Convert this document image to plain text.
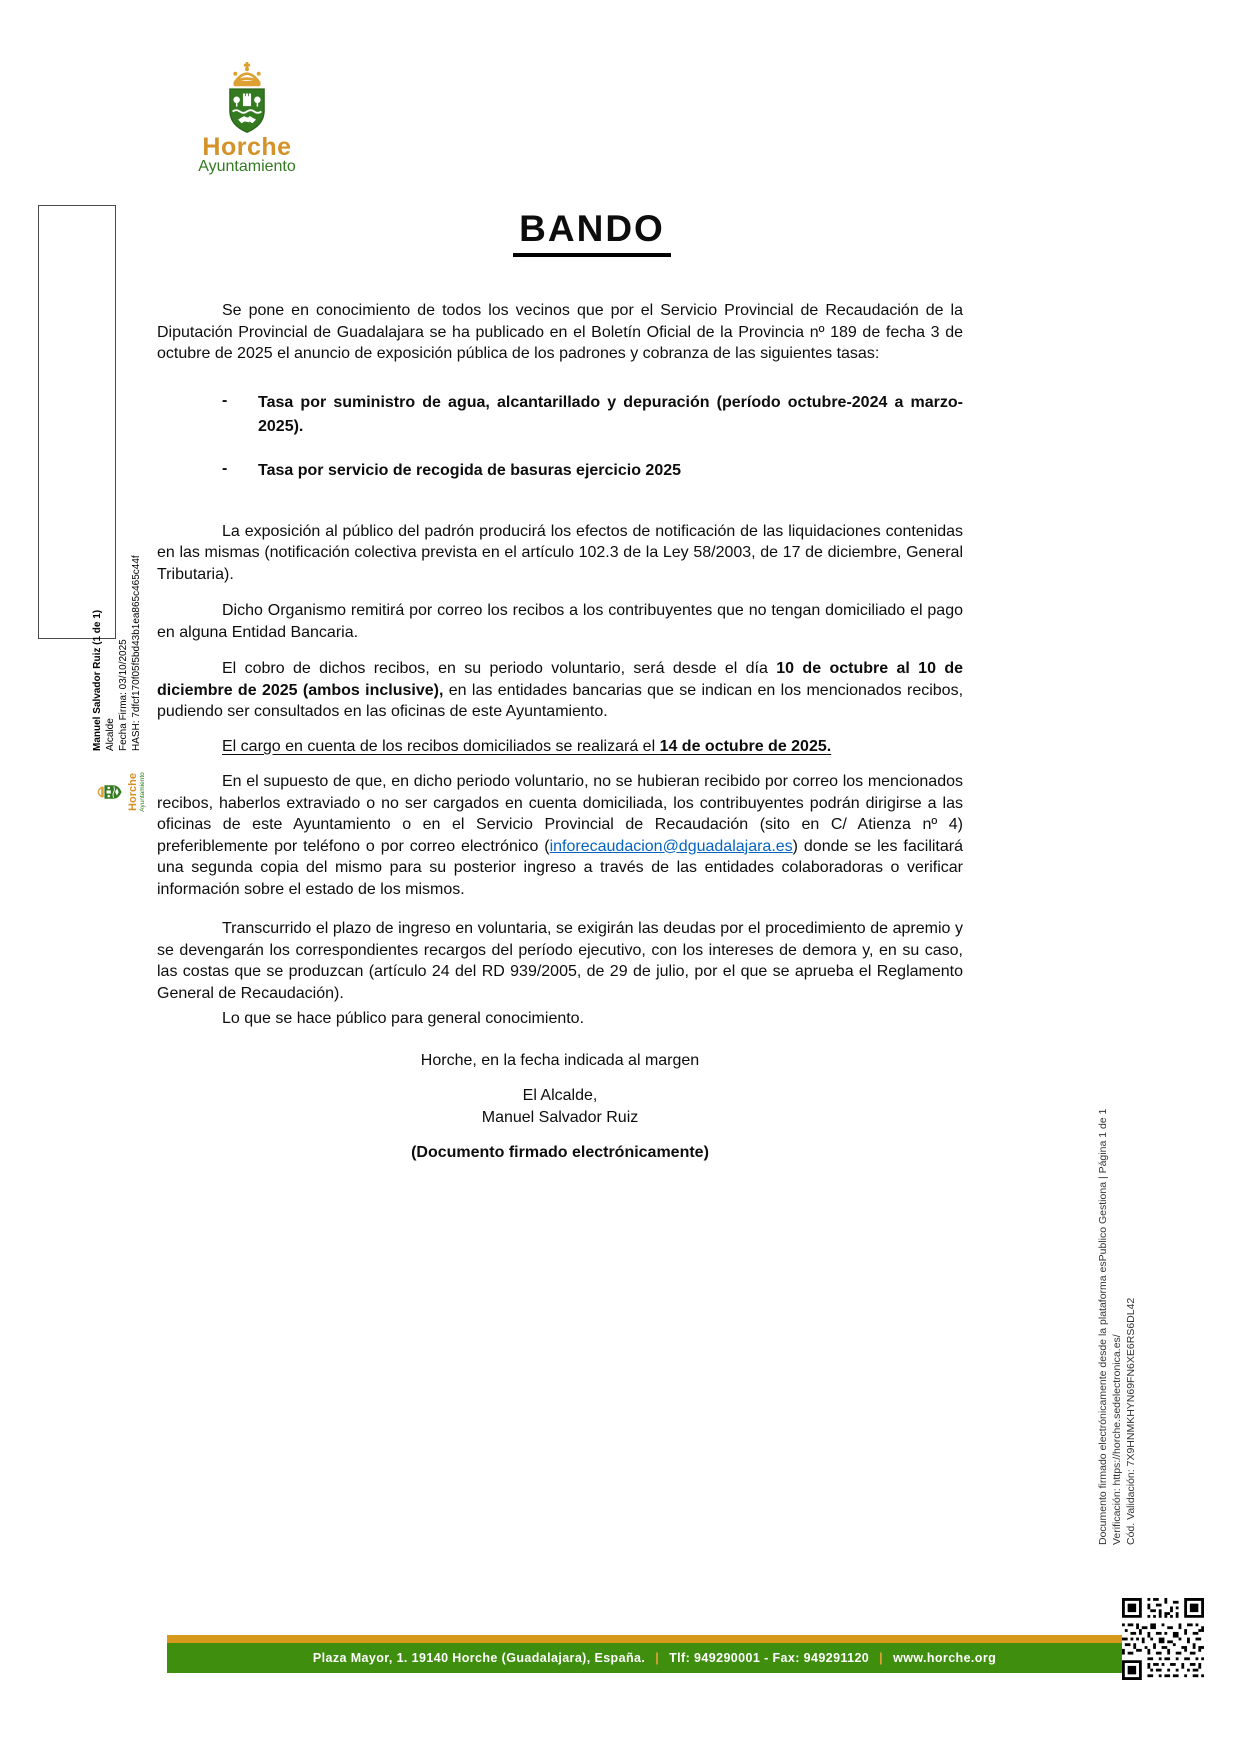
Horche
Ayuntamiento
BANDO

Se pone en conocimiento de todos los vecinos que por el Servicio Provincial de Recaudación de la Diputación Provincial de Guadalajara se ha publicado en el Boletín Oficial de la Provincia nº 189 de fecha 3 de octubre de 2025 el anuncio de exposición pública de los padrones y cobranza de las siguientes tasas:

- Tasa por suministro de agua, alcantarillado y depuración (período octubre-2024 a marzo-2025).
- Tasa por servicio de recogida de basuras ejercicio 2025

La exposición al público del padrón producirá los efectos de notificación de las liquidaciones contenidas en las mismas (notificación colectiva prevista en el artículo 102.3 de la Ley 58/2003, de 17 de diciembre, General Tributaria).

Dicho Organismo remitirá por correo los recibos a los contribuyentes que no tengan domiciliado el pago en alguna Entidad Bancaria.

El cobro de dichos recibos, en su periodo voluntario, será desde el día 10 de octubre al 10 de diciembre de 2025 (ambos inclusive), en las entidades bancarias que se indican en los mencionados recibos, pudiendo ser consultados en las oficinas de este Ayuntamiento.

El cargo en cuenta de los recibos domiciliados se realizará el 14 de octubre de 2025.

En el supuesto de que, en dicho periodo voluntario, no se hubieran recibido por correo los mencionados recibos, haberlos extraviado o no ser cargados en cuenta domiciliada, los contribuyentes podrán dirigirse a las oficinas de este Ayuntamiento o en el Servicio Provincial de Recaudación (sito en C/ Atienza nº 4) preferiblemente por teléfono o por correo electrónico (inforecaudacion@dguadalajara.es) donde se les facilitará una segunda copia del mismo para su posterior ingreso a través de las entidades colaboradoras o verificar información sobre el estado de los mismos.

Transcurrido el plazo de ingreso en voluntaria, se exigirán las deudas por el procedimiento de apremio y se devengarán los correspondientes recargos del período ejecutivo, con los intereses de demora y, en su caso, las costas que se produzcan (artículo 24 del RD 939/2005, de 29 de julio, por el que se aprueba el Reglamento General de Recaudación).

Lo que se hace público para general conocimiento.

Horche, en la fecha indicada al margen

El Alcalde,

Manuel Salvador Ruiz

(Documento firmado electrónicamente)

Manuel Salvador Ruiz (1 de 1) Alcalde Fecha Firma: 03/10/2025 HASH: 7dfcf170f05f5bd43b1ea865c465c44f
Horche Ayuntamiento
Documento firmado electrónicamente desde la plataforma esPublico Gestiona | Página 1 de 1 Verificación: https://horche.sedelectronica.es/ Cód. Validación: 7X9HNMKHYN69FN6XE6RS6DL42
Plaza Mayor, 1. 19140 Horche (Guadalajara), España. | Tlf: 949290001 - Fax: 949291120 | www.horche.org
